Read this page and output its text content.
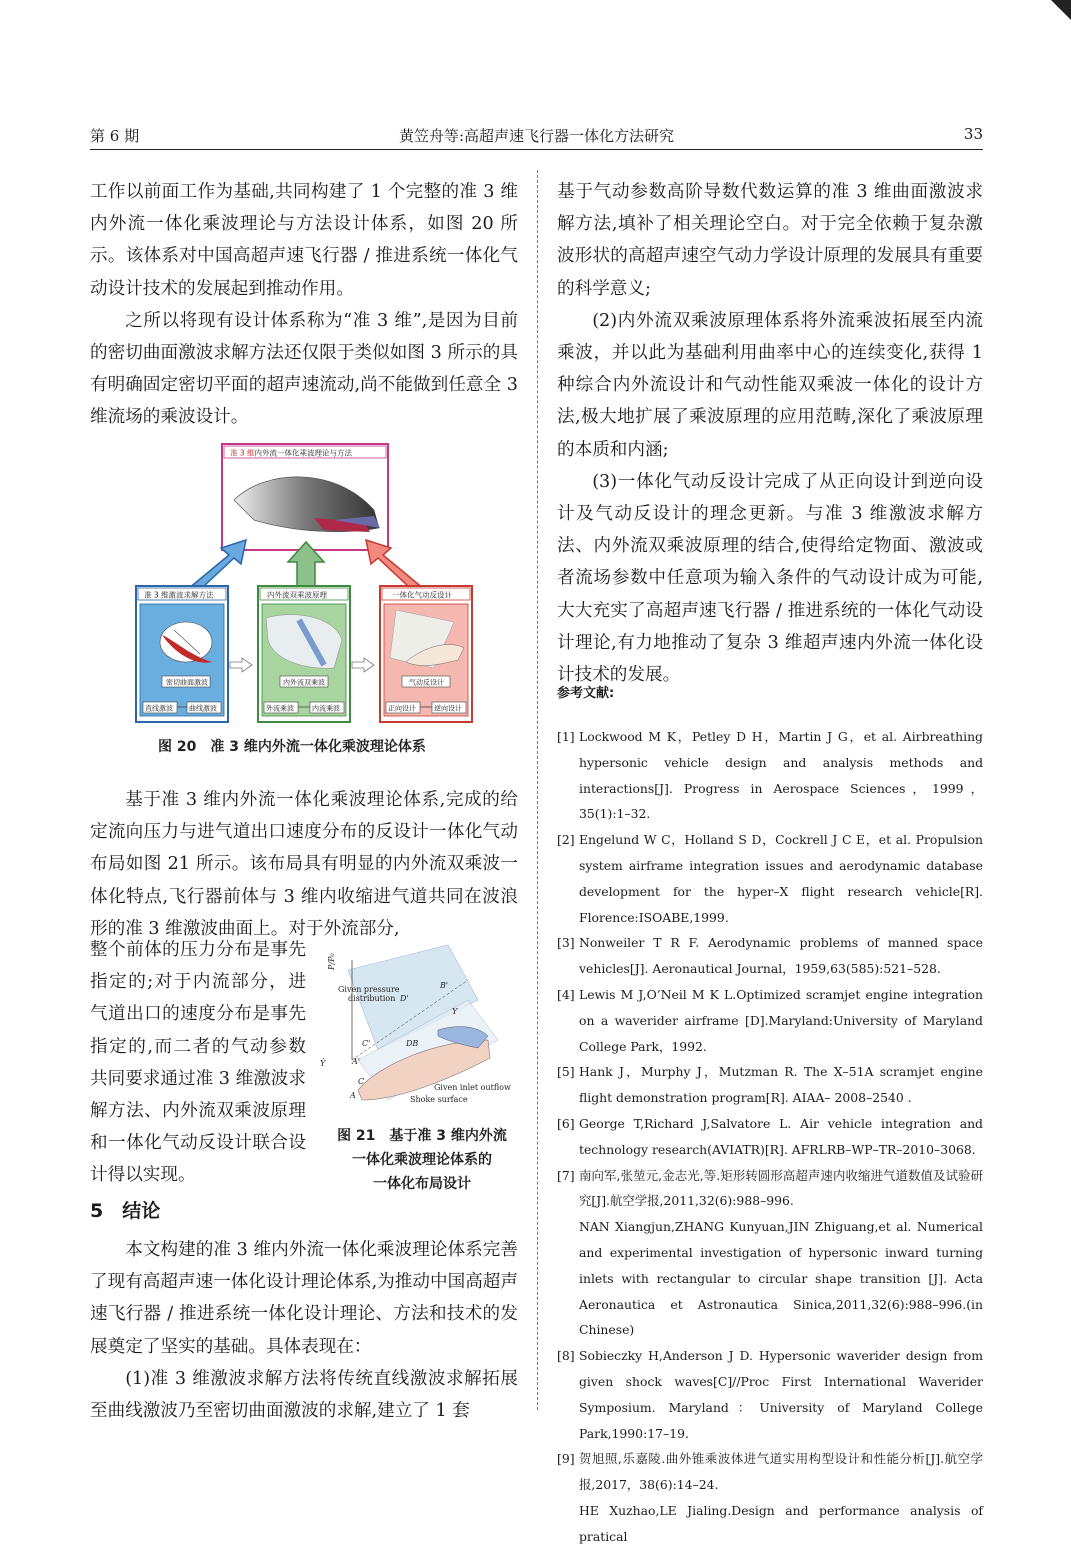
第 6 期	黄笠舟等:高超声速飞行器一体化方法研究	33

工作以前面工作为基础,共同构建了 1 个完整的准 3 维内外流一体化乘波理论与方法设计体系，如图 20 所示。该体系对中国高超声速飞行器 / 推进系统一体化气动设计技术的发展起到推动作用。

之所以将现有设计体系称为“准 3 维”,是因为目前的密切曲面激波求解方法还仅限于类似如图 3 所示的具有明确固定密切平面的超声速流动,尚不能做到任意全 3 维流场的乘波设计。

准 3 维内外流一体化乘波理论与方法
准 3 维激波求解方法
密切曲面激波
直线激波 曲线激波
内外流双乘波原理
内外流双乘波
外流乘波	内流乘波
一体化气动反设计
气动反设计
正向设计	逆向设计
图 20　准 3 维内外流一体化乘波理论体系

基于准 3 维内外流一体化乘波理论体系,完成的给定流向压力与进气道出口速度分布的反设计一体化气动布局如图 21 所示。该布局具有明显的内外流双乘波一体化特点,飞行器前体与 3 维内收缩进气道共同在波浪形的准 3 维激波曲面上。对于外流部分,

整个前体的压力分布是事先指定的;对于内流部分，进气道出口的速度分布是事先指定的,而二者的气动参数共同要求通过准 3 维激波求解方法、内外流双乘波原理和一体化气动反设计联合设计得以实现。

P/P₀
Given pressure
distribution D'
B'
Y
Ŷ
C'
A'
DB
C
A
Given inlet outflow
Shoke surface
图 21　基于准 3 维内外流
一体化乘波理论体系的
一体化布局设计
5　结论

本文构建的准 3 维内外流一体化乘波理论体系完善了现有高超声速一体化设计理论体系,为推动中国高超声速飞行器 / 推进系统一体化设计理论、方法和技术的发展奠定了坚实的基础。具体表现在：

(1)准 3 维激波求解方法将传统直线激波求解拓展至曲线激波乃至密切曲面激波的求解,建立了 1 套

基于气动参数高阶导数代数运算的准 3 维曲面激波求解方法,填补了相关理论空白。对于完全依赖于复杂激波形状的高超声速空气动力学设计原理的发展具有重要的科学意义;

(2)内外流双乘波原理体系将外流乘波拓展至内流乘波，并以此为基础利用曲率中心的连续变化,获得 1 种综合内外流设计和气动性能双乘波一体化的设计方法,极大地扩展了乘波原理的应用范畴,深化了乘波原理的本质和内涵;

(3)一体化气动反设计完成了从正向设计到逆向设计及气动反设计的理念更新。与准 3 维激波求解方法、内外流双乘波原理的结合,使得给定物面、激波或者流场参数中任意项为输入条件的气动设计成为可能,大大充实了高超声速飞行器 / 推进系统的一体化气动设计理论,有力地推动了复杂 3 维超声速内外流一体化设计技术的发展。

参考文献:

[1] Lockwood M K，Petley D H，Martin J G，et al. Airbreathing hypersonic vehicle design and analysis methods and interactions[J]. Progress in Aerospace Sciences，1999，35(1):1–32.
[2] Engelund W C，Holland S D，Cockrell J C E，et al. Propulsion system airframe integration issues and aerodynamic database development for the hyper–X flight research vehicle[R]. Florence:ISOABE,1999.
[3] Nonweiler T R F. Aerodynamic problems of manned space vehicles[J]. Aeronautical Journal，1959,63(585):521–528.
[4] Lewis M J,O’Neil M K L.Optimized scramjet engine integration on a waverider airframe [D].Maryland:University of Maryland College Park，1992.
[5] Hank J，Murphy J，Mutzman R. The X–51A scramjet engine flight demonstration program[R]. AIAA– 2008–2540 .
[6] George T,Richard J,Salvatore L. Air vehicle integration and technology research(AVIATR)[R]. AFRLRB–WP–TR–2010–3068.
[7] 南向军,张堃元,金志光,等.矩形转圆形高超声速内收缩进气道数值及试验研究[J].航空学报,2011,32(6):988–996.
NAN Xiangjun,ZHANG Kunyuan,JIN Zhiguang,et al. Numerical and experimental investigation of hypersonic inward turning inlets with rectangular to circular shape transition [J]. Acta Aeronautica et Astronautica Sinica,2011,32(6):988–996.(in Chinese)
[8] Sobieczky H,Anderson J D. Hypersonic waverider design from given shock waves[C]//Proc First International Waverider Symposium. Maryland：University of Maryland College Park,1990:17–19.
[9] 贺旭照,乐嘉陵.曲外锥乘波体进气道实用构型设计和性能分析[J].航空学报,2017，38(6):14–24.
HE Xuzhao,LE Jialing.Design and performance analysis of pratical
